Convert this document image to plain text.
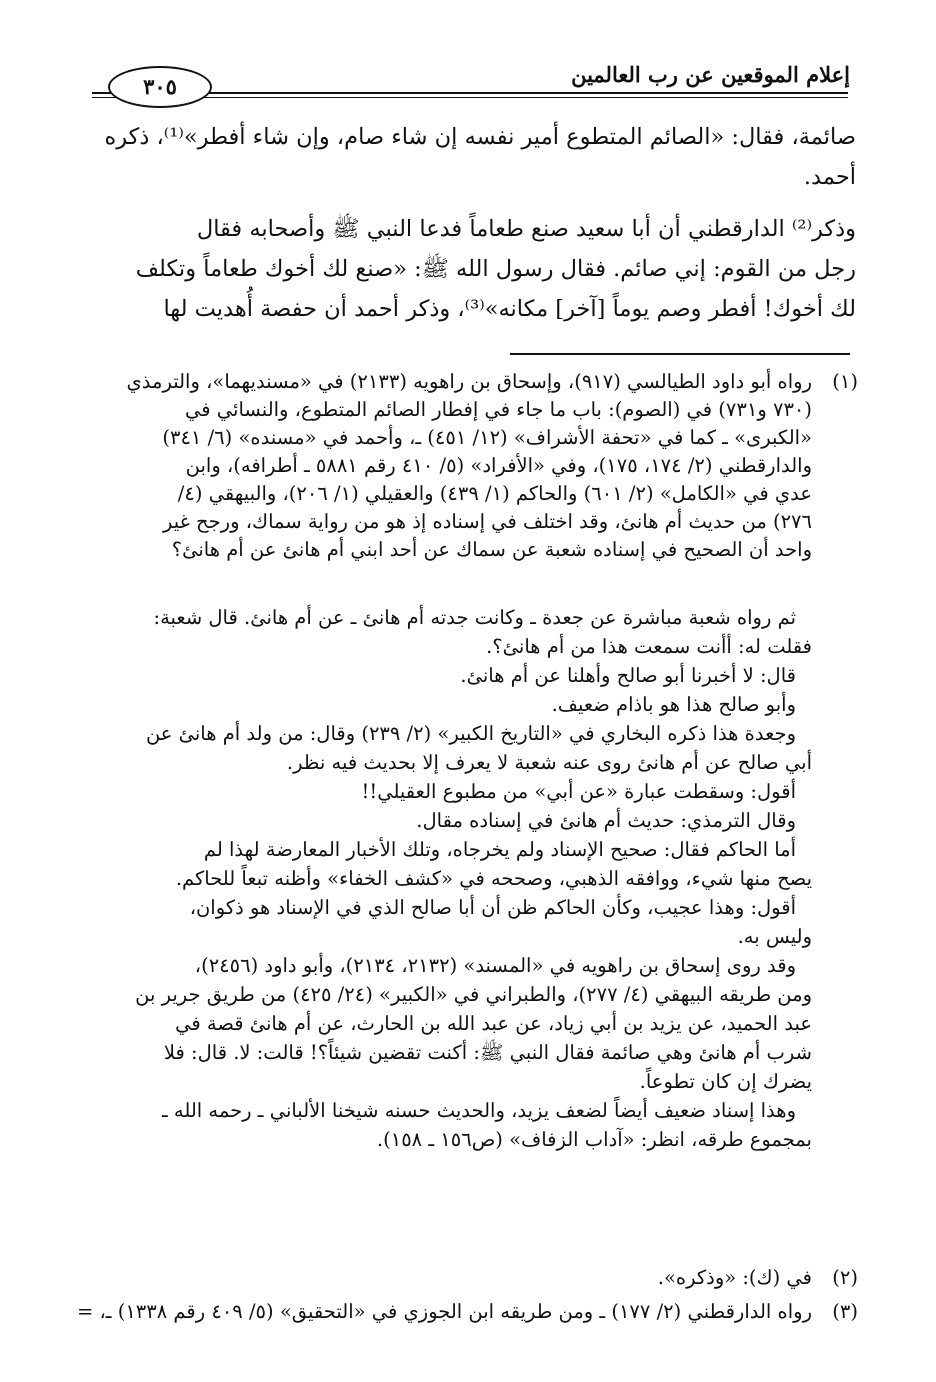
إعلام الموقعين عن رب العالمين
٣٠٥
صائمة، فقال: «الصائم المتطوع أمير نفسه إن شاء صام، وإن شاء أفطر»⁽¹⁾، ذكره
أحمد.
وذكر⁽²⁾ الدارقطني أن أبا سعيد صنع طعاماً فدعا النبي ﷺ وأصحابه فقال
رجل من القوم: إني صائم. فقال رسول الله ﷺ: «صنع لك أخوك طعاماً وتكلف
لك أخوك! أفطر وصم يوماً [آخر] مكانه»⁽³⁾، وذكر أحمد أن حفصة أُهديت لها
(١)
رواه أبو داود الطيالسي (٩١٧)، وإسحاق بن راهويه (٢١٣٣) في «مسنديهما»، والترمذي
(٧٣٠ و٧٣١) في (الصوم): باب ما جاء في إفطار الصائم المتطوع، والنسائي في
«الكبرى» ـ كما في «تحفة الأشراف» (١٢/ ٤٥١) ـ، وأحمد في «مسنده» (٦/ ٣٤١)
والدارقطني (٢/ ١٧٤، ١٧٥)، وفي «الأفراد» (٥/ ٤١٠ رقم ٥٨٨١ ـ أطرافه)، وابن
عدي في «الكامل» (٢/ ٦٠١) والحاكم (١/ ٤٣٩) والعقيلي (١/ ٢٠٦)، والبيهقي (٤/
٢٧٦) من حديث أم هانئ، وقد اختلف في إسناده إذ هو من رواية سماك، ورجح غير
واحد أن الصحيح في إسناده شعبة عن سماك عن أحد ابني أم هانئ عن أم هانئ؟
ثم رواه شعبة مباشرة عن جعدة ـ وكانت جدته أم هانئ ـ عن أم هانئ. قال شعبة:
فقلت له: أأنت سمعت هذا من أم هانئ؟.
قال: لا أخبرنا أبو صالح وأهلنا عن أم هانئ.
وأبو صالح هذا هو باذام ضعيف.
وجعدة هذا ذكره البخاري في «التاريخ الكبير» (٢/ ٢٣٩) وقال: من ولد أم هانئ عن
أبي صالح عن أم هانئ روى عنه شعبة لا يعرف إلا بحديث فيه نظر.
أقول: وسقطت عبارة «عن أبي» من مطبوع العقيلي!!
وقال الترمذي: حديث أم هانئ في إسناده مقال.
أما الحاكم فقال: صحيح الإسناد ولم يخرجاه، وتلك الأخبار المعارضة لهذا لم
يصح منها شيء، ووافقه الذهبي، وصححه في «كشف الخفاء» وأظنه تبعاً للحاكم.
أقول: وهذا عجيب، وكأن الحاكم ظن أن أبا صالح الذي في الإسناد هو ذكوان،
وليس به.
وقد روى إسحاق بن راهويه في «المسند» (٢١٣٢، ٢١٣٤)، وأبو داود (٢٤٥٦)،
ومن طريقه البيهقي (٤/ ٢٧٧)، والطبراني في «الكبير» (٢٤/ ٤٢٥) من طريق جرير بن
عبد الحميد، عن يزيد بن أبي زياد، عن عبد الله بن الحارث، عن أم هانئ قصة في
شرب أم هانئ وهي صائمة فقال النبي ﷺ: أكنت تقضين شيئاً؟! قالت: لا. قال: فلا
يضرك إن كان تطوعاً.
وهذا إسناد ضعيف أيضاً لضعف يزيد، والحديث حسنه شيخنا الألباني ـ رحمه الله ـ
بمجموع طرقه، انظر: «آداب الزفاف» (ص١٥٦ ـ ١٥٨).
(٢)
في (ك): «وذكره».
(٣)
رواه الدارقطني (٢/ ١٧٧) ـ ومن طريقه ابن الجوزي في «التحقيق» (٥/ ٤٠٩ رقم ١٣٣٨) ـ، =
